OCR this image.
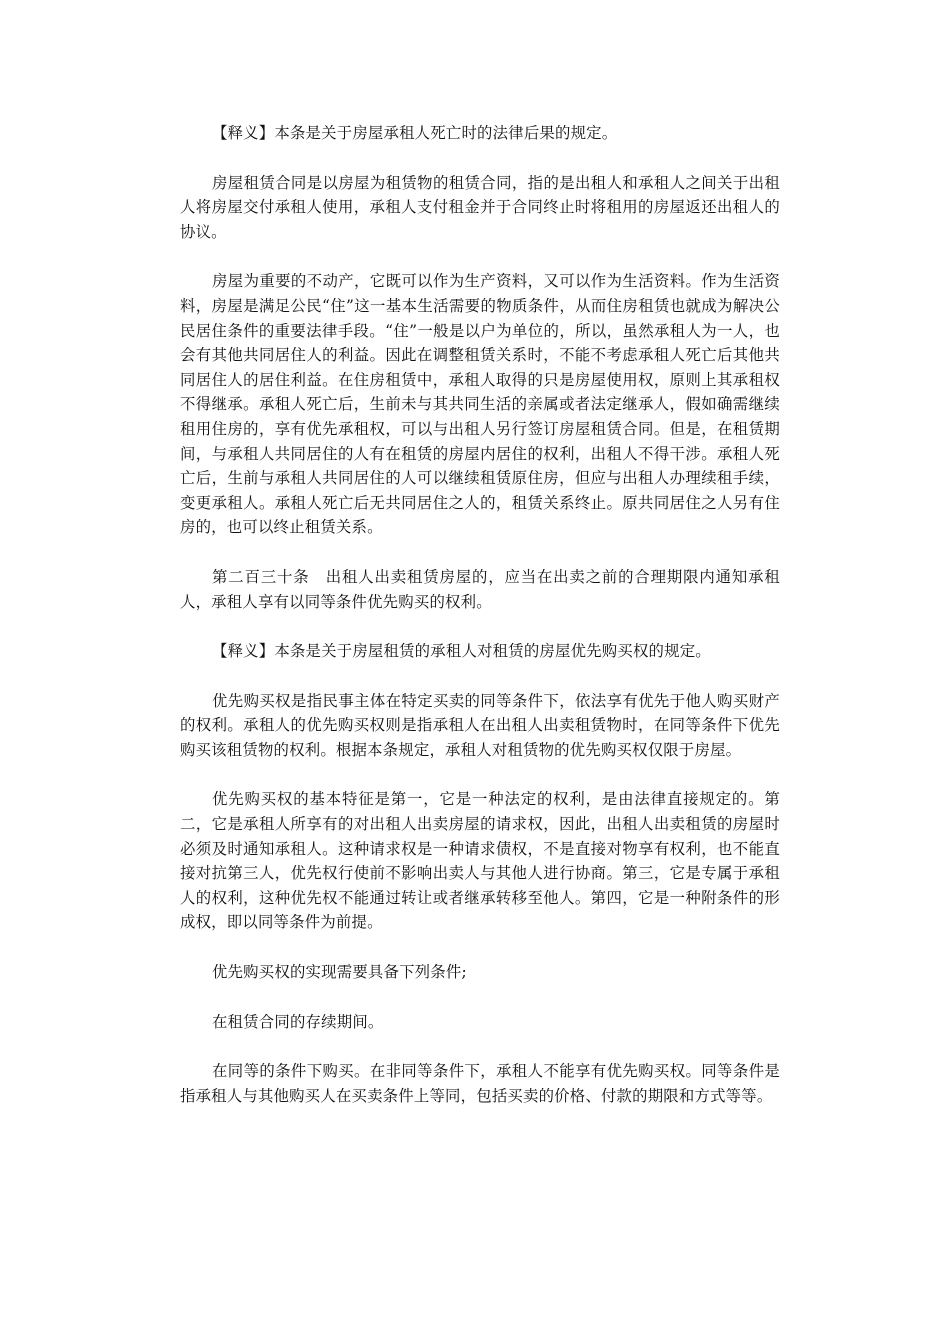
【释义】本条是关于房屋承租人死亡时的法律后果的规定。

房屋租赁合同是以房屋为租赁物的租赁合同，指的是出租人和承租人之间关于出租人将房屋交付承租人使用，承租人支付租金并于合同终止时将租用的房屋返还出租人的协议。

房屋为重要的不动产，它既可以作为生产资料，又可以作为生活资料。作为生活资料，房屋是满足公民“住”这一基本生活需要的物质条件，从而住房租赁也就成为解决公民居住条件的重要法律手段。“住”一般是以户为单位的，所以，虽然承租人为一人，也会有其他共同居住人的利益。因此在调整租赁关系时，不能不考虑承租人死亡后其他共同居住人的居住利益。在住房租赁中，承租人取得的只是房屋使用权，原则上其承租权不得继承。承租人死亡后，生前未与其共同生活的亲属或者法定继承人，假如确需继续租用住房的，享有优先承租权，可以与出租人另行签订房屋租赁合同。但是，在租赁期间，与承租人共同居住的人有在租赁的房屋内居住的权利，出租人不得干涉。承租人死亡后，生前与承租人共同居住的人可以继续租赁原住房，但应与出租人办理续租手续，变更承租人。承租人死亡后无共同居住之人的，租赁关系终止。原共同居住之人另有住房的，也可以终止租赁关系。

第二百三十条　出租人出卖租赁房屋的，应当在出卖之前的合理期限内通知承租人，承租人享有以同等条件优先购买的权利。

【释义】本条是关于房屋租赁的承租人对租赁的房屋优先购买权的规定。

优先购买权是指民事主体在特定买卖的同等条件下，依法享有优先于他人购买财产的权利。承租人的优先购买权则是指承租人在出租人出卖租赁物时，在同等条件下优先购买该租赁物的权利。根据本条规定，承租人对租赁物的优先购买权仅限于房屋。

优先购买权的基本特征是第一，它是一种法定的权利，是由法律直接规定的。第二，它是承租人所享有的对出租人出卖房屋的请求权，因此，出租人出卖租赁的房屋时必须及时通知承租人。这种请求权是一种请求债权，不是直接对物享有权利，也不能直接对抗第三人，优先权行使前不影响出卖人与其他人进行协商。第三，它是专属于承租人的权利，这种优先权不能通过转让或者继承转移至他人。第四，它是一种附条件的形成权，即以同等条件为前提。

优先购买权的实现需要具备下列条件;

在租赁合同的存续期间。

在同等的条件下购买。在非同等条件下，承租人不能享有优先购买权。同等条件是指承租人与其他购买人在买卖条件上等同，包括买卖的价格、付款的期限和方式等等。
